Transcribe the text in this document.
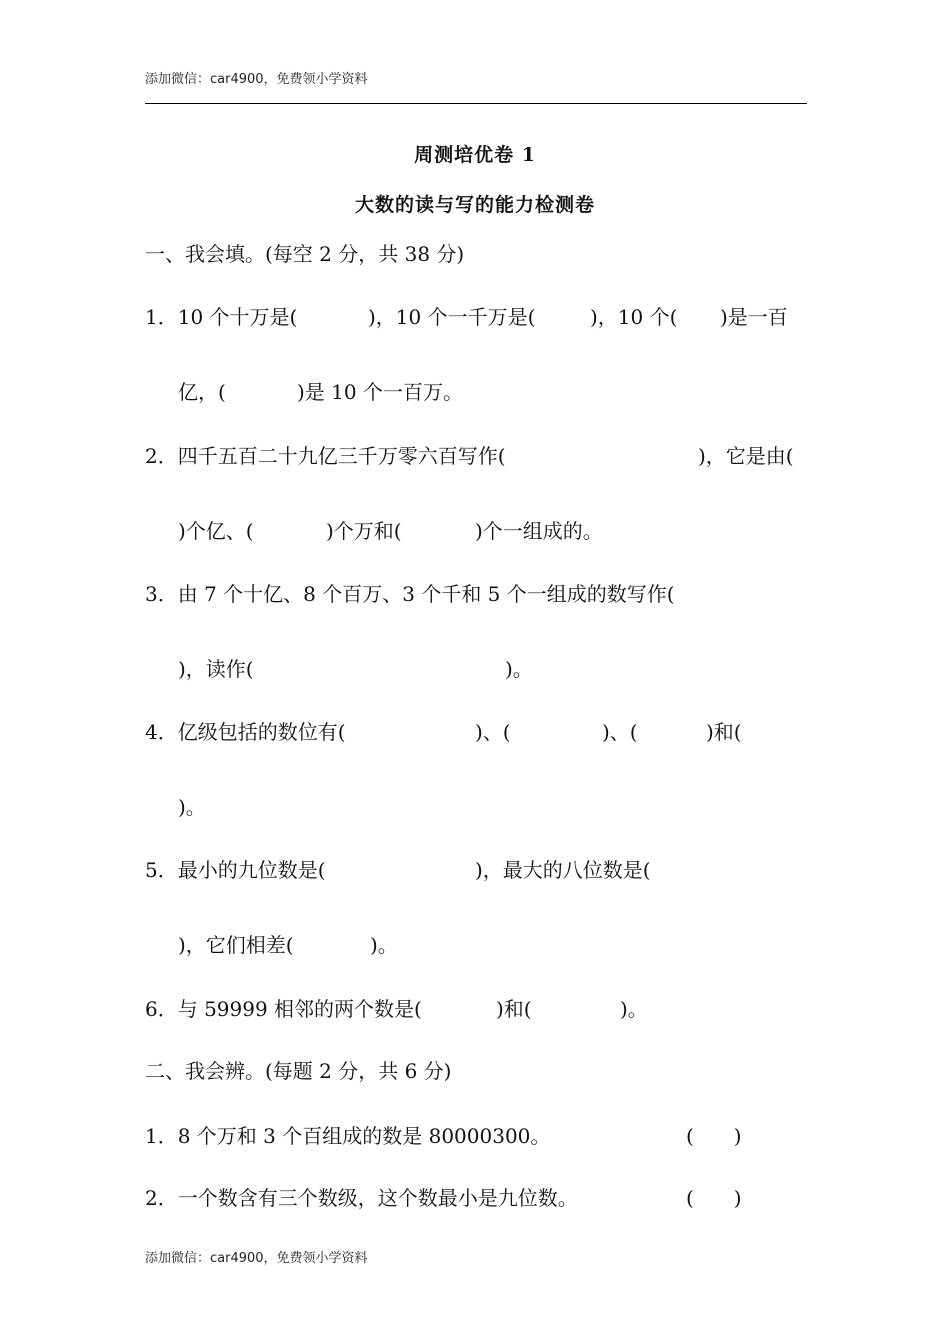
添加微信：car4900，免费领小学资料
周测培优卷 1
大数的读与写的能力检测卷
一、我会填。(每空 2 分，共 38 分)
1．10 个十万是(	)，10 个一千万是(	)，10 个( )是一百
亿，(	)是 10 个一百万。
2．四千五百二十九亿三千万零六百写作(	)，它是由(
)个亿、(	)个万和(	)个一组成的。
3．由 7 个十亿、8 个百万、3 个千和 5 个一组成的数写作(
)，读作(	)。
4．亿级包括的数位有(	)、(	)、(	)和(
)。
5．最小的九位数是(	)，最大的八位数是(
)，它们相差(	)。
6．与 59999 相邻的两个数是(	)和(	)。
二、我会辨。(每题 2 分，共 6 分)
1．8 个万和 3 个百组成的数是 80000300。	(　　)
2．一个数含有三个数级，这个数最小是九位数。	(　　)
添加微信：car4900，免费领小学资料
